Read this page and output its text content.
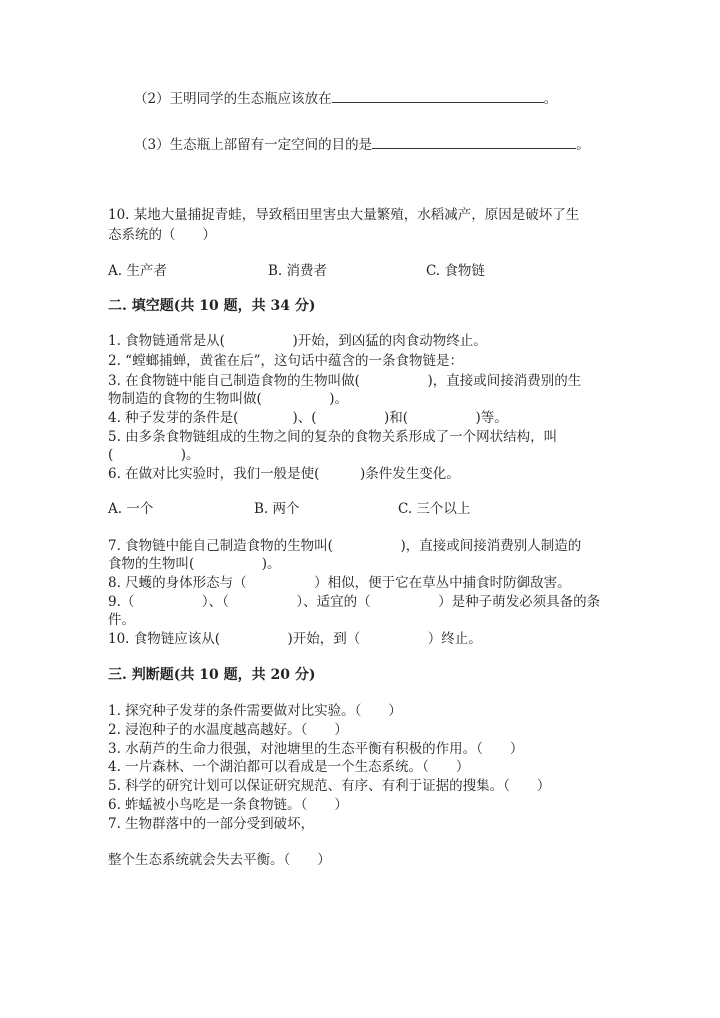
（2）王明同学的生态瓶应该放在	。
（3）生态瓶上部留有一定空间的目的是	。
10. 某地大量捕捉青蛙，导致稻田里害虫大量繁殖，水稻减产，原因是破坏了生
态系统的（　　）
A. 生产者	B. 消费者	C. 食物链
二. 填空题(共 10 题，共 34 分)
1. 食物链通常是从(　　　　　)开始，到凶猛的肉食动物终止。
2. “螳螂捕蝉，黄雀在后”，这句话中蕴含的一条食物链是：
3. 在食物链中能自己制造食物的生物叫做(　　　　　)，直接或间接消费别的生
物制造的食物的生物叫做(　　　　　)。
4. 种子发芽的条件是(　　　　)、(　　　　　)和(　　　　　)等。
5. 由多条食物链组成的生物之间的复杂的食物关系形成了一个网状结构，叫
(　　　　　)。
6. 在做对比实验时，我们一般是使(　　　)条件发生变化。
A. 一个	B. 两个	C. 三个以上
7. 食物链中能自己制造食物的生物叫(　　　　　)，直接或间接消费别人制造的
食物的生物叫(　　　　　)。
8. 尺蠖的身体形态与（　　　　　）相似，便于它在草丛中捕食时防御敌害。
9.（　　　　　）、（　　　　　）、适宜的（　　　　　）是种子萌发必须具备的条
件。
10. 食物链应该从(　　　　　)开始，到（　　　　　）终止。
三. 判断题(共 10 题，共 20 分)
1. 探究种子发芽的条件需要做对比实验。（　　）
2. 浸泡种子的水温度越高越好。（　　）
3. 水葫芦的生命力很强，对池塘里的生态平衡有积极的作用。（　　）
4. 一片森林、一个湖泊都可以看成是一个生态系统。（　　）
5. 科学的研究计划可以保证研究规范、有序、有利于证据的搜集。（　　）
6. 蚱蜢被小鸟吃是一条食物链。（　　）
7. 生物群落中的一部分受到破坏，
整个生态系统就会失去平衡。（　　）
